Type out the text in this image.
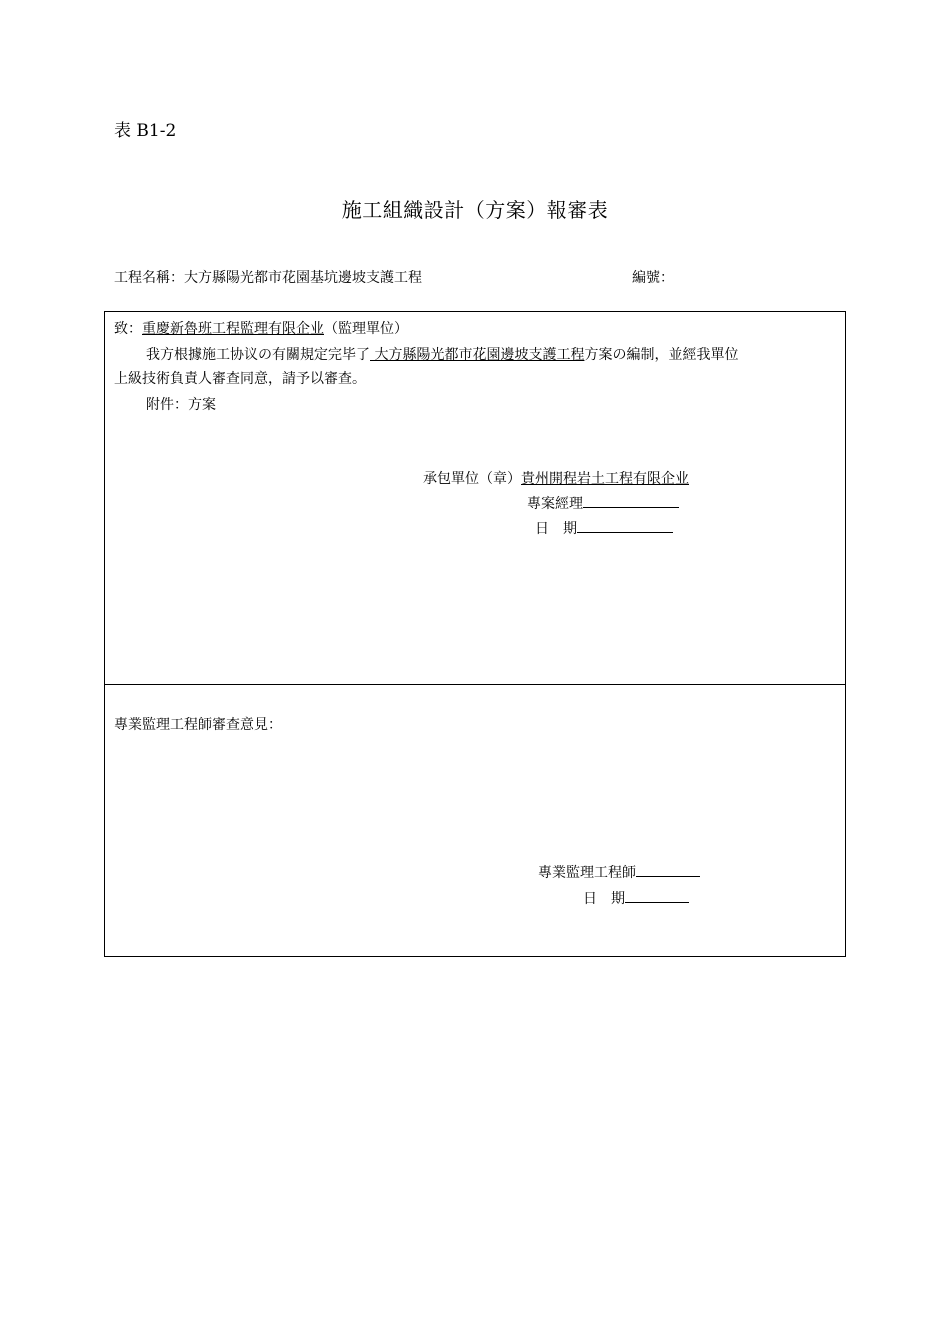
表 B1-2
施工組織設計（方案）報審表
工程名稱：大方縣陽光都市花園基坑邊坡支護工程	編號：
致：重慶新魯班工程監理有限企业（監理單位）
我方根據施工协议の有關規定完毕了 大方縣陽光都市花園邊坡支護工程方案の編制，並經我單位
上級技術負責人審查同意，請予以審查。
附件：方案
承包單位（章）貴州開程岩土工程有限企业
專案經理
日　期
專業監理工程師審查意見：
專業監理工程師
日　期
